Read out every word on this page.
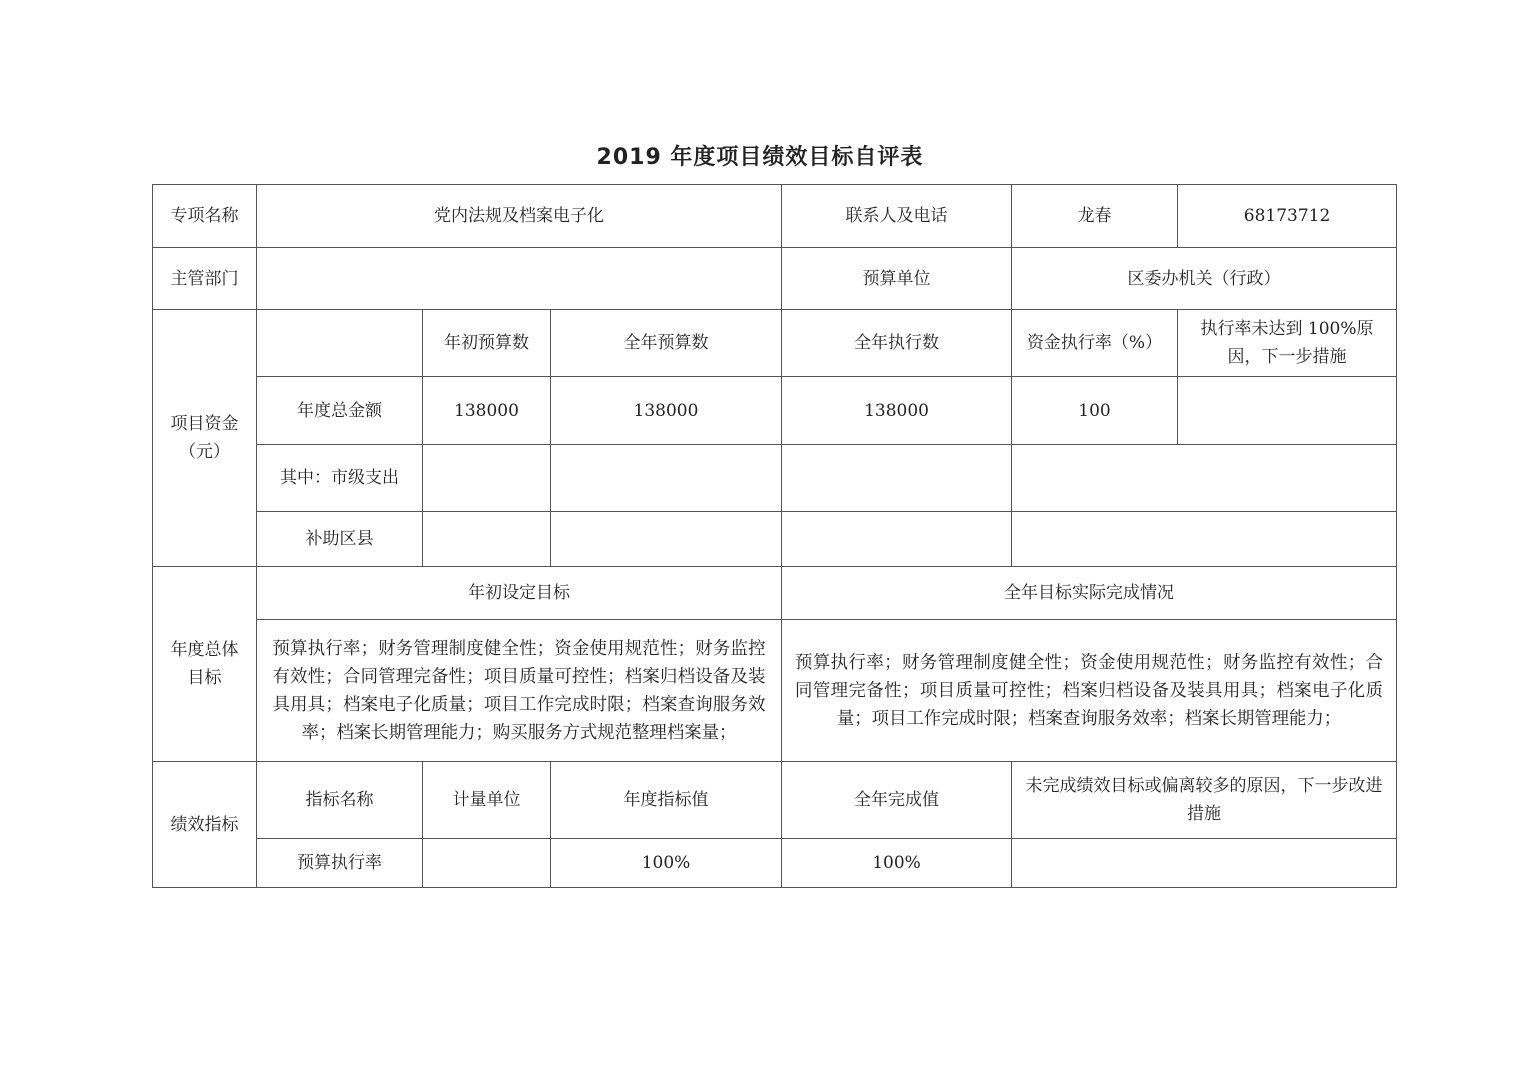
2019 年度项目绩效目标自评表
专项名称	党内法规及档案电子化			联系人及电话	龙春	68173712
主管部门				预算单位	区委办机关（行政）	

项目资金（元）		年初预算数	全年预算数	全年执行数	资金执行率（%）	执行率未达到 100%原因，下一步措施

	年度总金额	138000	138000	138000	100	
	其中：市级支出					
	补助区县					

年度总体目标	年初设定目标			全年目标实际完成情况		

	预算执行率；财务管理制度健全性；资金使用规范性；财务监控有效性；合同管理完备性；项目质量可控性；档案归档设备及装具用具；档案电子化质量；项目工作完成时限；档案查询服务效率；档案长期管理能力；购买服务方式规范整理档案量；			预算执行率；财务管理制度健全性；资金使用规范性；财务监控有效性；合同管理完备性；项目质量可控性；档案归档设备及装具用具；档案电子化质量；项目工作完成时限；档案查询服务效率；档案长期管理能力；		

绩效指标	指标名称	计量单位	年度指标值	全年完成值	未完成绩效目标或偏离较多的原因，下一步改进措施	

	预算执行率		100%	100%		
